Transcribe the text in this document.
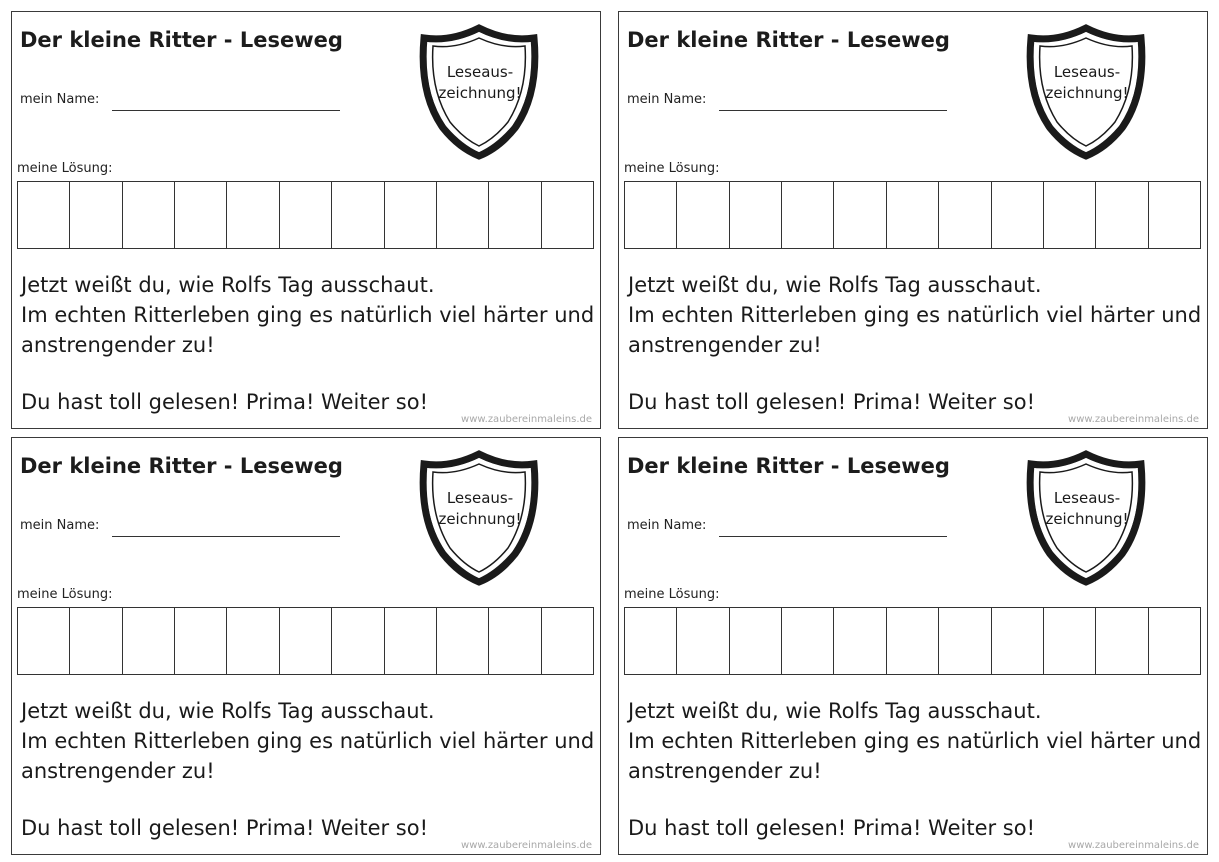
Der kleine Ritter - Leseweg
mein Name:
meine Lösung:
Leseaus-
zeichnung!

Jetzt weißt du, wie Rolfs Tag ausschaut.

Im echten Ritterleben ging es natürlich viel härter und

anstrengender zu!

Du hast toll gelesen! Prima! Weiter so!
www.zaubereinmaleins.de
Der kleine Ritter - Leseweg
mein Name:
meine Lösung:
Leseaus-
zeichnung!

Jetzt weißt du, wie Rolfs Tag ausschaut.

Im echten Ritterleben ging es natürlich viel härter und

anstrengender zu!

Du hast toll gelesen! Prima! Weiter so!
www.zaubereinmaleins.de
Der kleine Ritter - Leseweg
mein Name:
meine Lösung:
Leseaus-
zeichnung!

Jetzt weißt du, wie Rolfs Tag ausschaut.

Im echten Ritterleben ging es natürlich viel härter und

anstrengender zu!

Du hast toll gelesen! Prima! Weiter so!
www.zaubereinmaleins.de
Der kleine Ritter - Leseweg
mein Name:
meine Lösung:
Leseaus-
zeichnung!

Jetzt weißt du, wie Rolfs Tag ausschaut.

Im echten Ritterleben ging es natürlich viel härter und

anstrengender zu!

Du hast toll gelesen! Prima! Weiter so!
www.zaubereinmaleins.de
